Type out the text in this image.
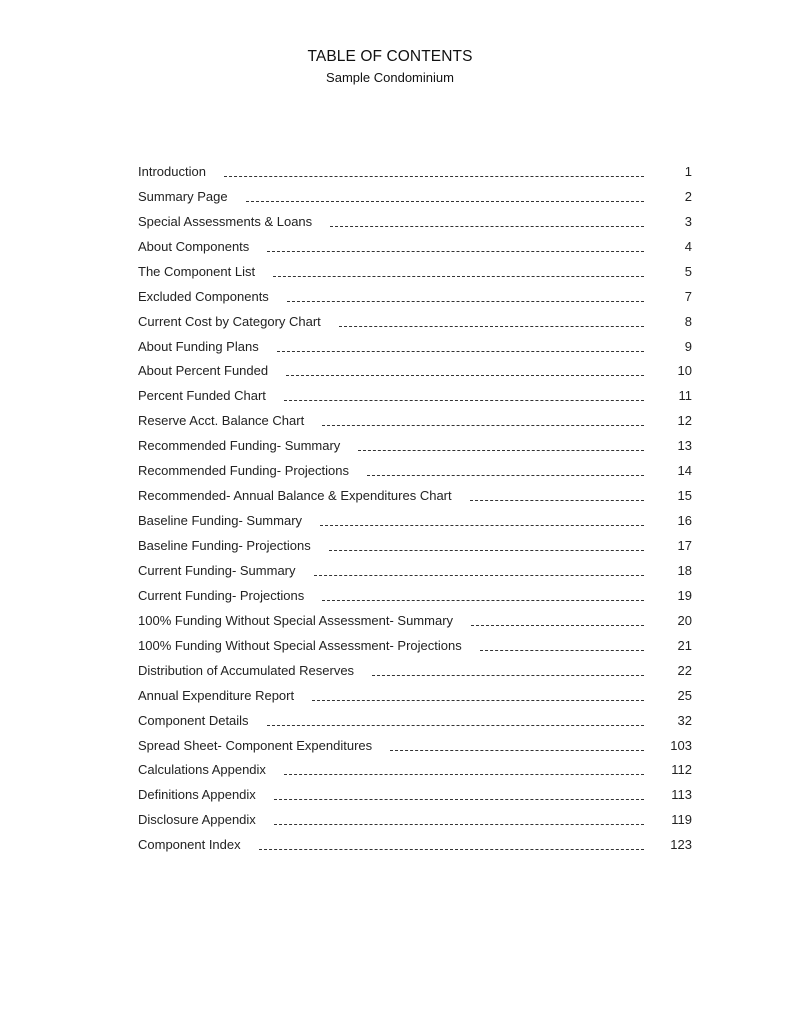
TABLE OF CONTENTS
Sample Condominium
Introduction	1
Summary Page	2
Special Assessments & Loans	3
About Components	4
The Component List	5
Excluded Components	7
Current Cost by Category Chart	8
About Funding Plans	9
About Percent Funded	10
Percent Funded Chart	11
Reserve Acct. Balance Chart	12
Recommended Funding- Summary	13
Recommended Funding- Projections	14
Recommended- Annual Balance & Expenditures Chart	15
Baseline Funding- Summary	16
Baseline Funding- Projections	17
Current Funding- Summary	18
Current Funding- Projections	19
100% Funding Without Special Assessment- Summary	20
100% Funding Without Special Assessment- Projections	21
Distribution of Accumulated Reserves	22
Annual Expenditure Report	25
Component Details	32
Spread Sheet- Component Expenditures	103
Calculations Appendix	112
Definitions Appendix	113
Disclosure Appendix	119
Component Index	123
